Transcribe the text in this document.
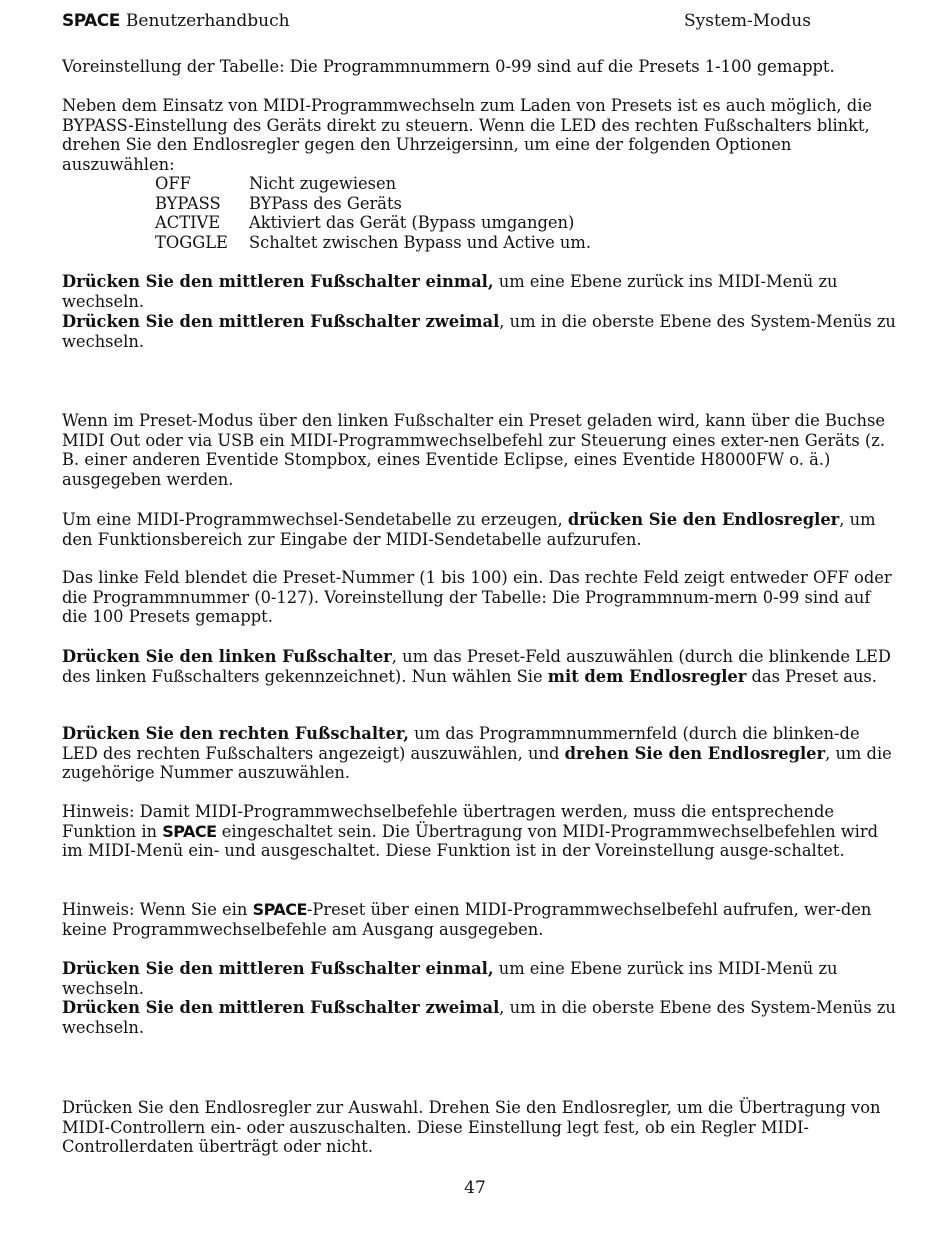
SPACE Benutzerhandbuch	System-Modus

Voreinstellung der Tabelle: Die Programmnummern 0-99 sind auf die Presets 1-100 gemappt.

Neben dem Einsatz von MIDI-Programmwechseln zum Laden von Presets ist es auch möglich, die BYPASS-Einstellung des Geräts direkt zu steuern. Wenn die LED des rechten Fußschalters blinkt, drehen Sie den Endlosregler gegen den Uhrzeigersinn, um eine der folgenden Optionen auszuwählen:

OFF	Nicht zugewiesen
BYPASS	BYPass des Geräts
ACTIVE	Aktiviert das Gerät (Bypass umgangen)
TOGGLE	Schaltet zwischen Bypass und Active um.

Drücken Sie den mittleren Fußschalter einmal, um eine Ebene zurück ins MIDI-Menü zu wechseln.

Drücken Sie den mittleren Fußschalter zweimal, um in die oberste Ebene des System-Menüs zu wechseln.

Wenn im Preset-Modus über den linken Fußschalter ein Preset geladen wird, kann über die Buchse MIDI Out oder via USB ein MIDI-Programmwechselbefehl zur Steuerung eines exter-nen Geräts (z. B. einer anderen Eventide Stompbox, eines Eventide Eclipse, eines Eventide H8000FW o. ä.) ausgegeben werden.

Um eine MIDI-Programmwechsel-Sendetabelle zu erzeugen, drücken Sie den Endlosregler, um den Funktionsbereich zur Eingabe der MIDI-Sendetabelle aufzurufen.

Das linke Feld blendet die Preset-Nummer (1 bis 100) ein. Das rechte Feld zeigt entweder OFF oder die Programmnummer (0-127). Voreinstellung der Tabelle: Die Programmnum-mern 0-99 sind auf die 100 Presets gemappt.

Drücken Sie den linken Fußschalter, um das Preset-Feld auszuwählen (durch die blinkende LED des linken Fußschalters gekennzeichnet). Nun wählen Sie mit dem Endlosregler das Preset aus.

Drücken Sie den rechten Fußschalter, um das Programmnummernfeld (durch die blinken-de LED des rechten Fußschalters angezeigt) auszuwählen, und drehen Sie den Endlosregler, um die zugehörige Nummer auszuwählen.

Hinweis: Damit MIDI-Programmwechselbefehle übertragen werden, muss die entsprechende Funktion in SPACE eingeschaltet sein. Die Übertragung von MIDI-Programmwechselbefehlen wird im MIDI-Menü ein- und ausgeschaltet. Diese Funktion ist in der Voreinstellung ausge-schaltet.

Hinweis: Wenn Sie ein SPACE-Preset über einen MIDI-Programmwechselbefehl aufrufen, wer-den keine Programmwechselbefehle am Ausgang ausgegeben.

Drücken Sie den mittleren Fußschalter einmal, um eine Ebene zurück ins MIDI-Menü zu wechseln.

Drücken Sie den mittleren Fußschalter zweimal, um in die oberste Ebene des System-Menüs zu wechseln.

Drücken Sie den Endlosregler zur Auswahl. Drehen Sie den Endlosregler, um die Übertragung von MIDI-Controllern ein- oder auszuschalten. Diese Einstellung legt fest, ob ein Regler MIDI-Controllerdaten überträgt oder nicht.

47
